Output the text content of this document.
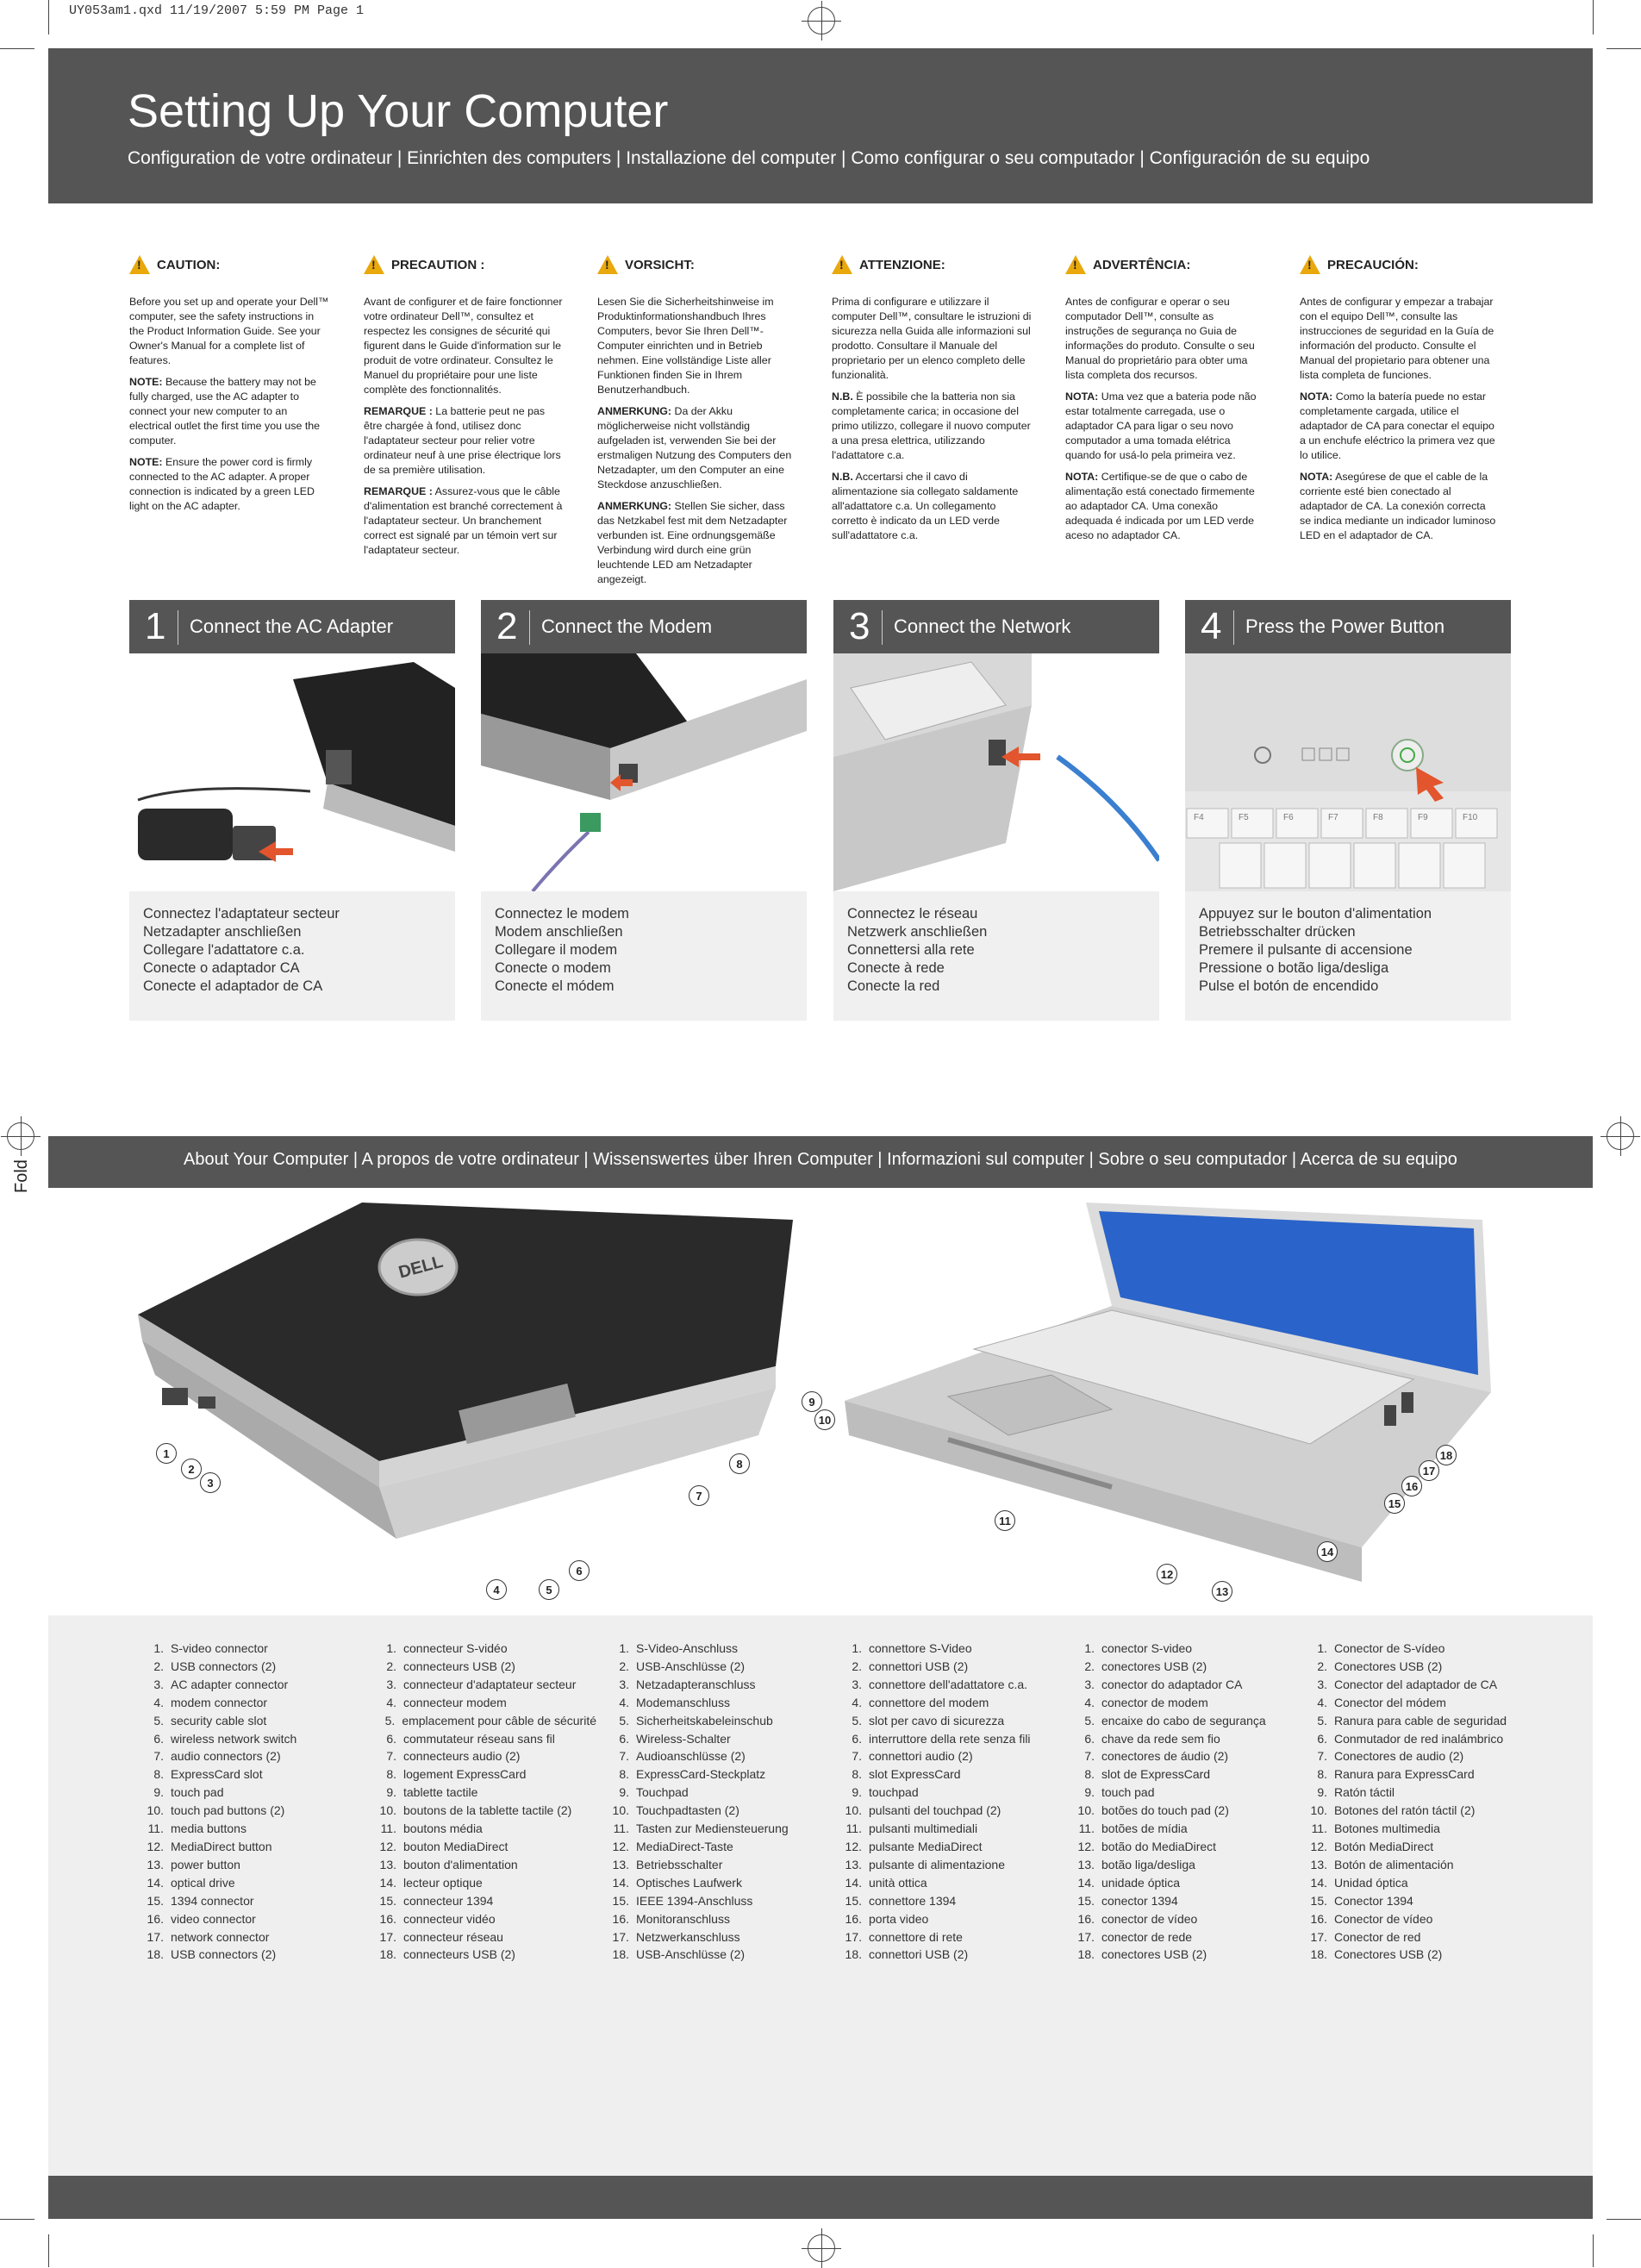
UY053am1.qxd 11/19/2007 5:59 PM Page 1
Setting Up Your Computer
Configuration de votre ordinateur | Einrichten des computers | Installazione del computer | Como configurar o seu computador | Configuración de su equipo
!
CAUTION:

Before you set up and operate your Dell™ computer, see the safety instructions in the Product Information Guide. See your Owner's Manual for a complete list of features.

NOTE: Because the battery may not be fully charged, use the AC adapter to connect your new computer to an electrical outlet the first time you use the computer.

NOTE: Ensure the power cord is firmly connected to the AC adapter. A proper connection is indicated by a green LED light on the AC adapter.

!
PRECAUTION :

Avant de configurer et de faire fonctionner votre ordinateur Dell™, consultez et respectez les consignes de sécurité qui figurent dans le Guide d'information sur le produit de votre ordinateur. Consultez le Manuel du propriétaire pour une liste complète des fonctionnalités.

REMARQUE : La batterie peut ne pas être chargée à fond, utilisez donc l'adaptateur secteur pour relier votre ordinateur neuf à une prise électrique lors de sa première utilisation.

REMARQUE : Assurez-vous que le câble d'alimentation est branché correctement à l'adaptateur secteur. Un branchement correct est signalé par un témoin vert sur l'adaptateur secteur.

!
VORSICHT:

Lesen Sie die Sicherheitshinweise im Produktinformationshandbuch Ihres Computers, bevor Sie Ihren Dell™-Computer einrichten und in Betrieb nehmen. Eine vollständige Liste aller Funktionen finden Sie in Ihrem Benutzerhandbuch.

ANMERKUNG: Da der Akku möglicherweise nicht vollständig aufgeladen ist, verwenden Sie bei der erstmaligen Nutzung des Computers den Netzadapter, um den Computer an eine Steckdose anzuschließen.

ANMERKUNG: Stellen Sie sicher, dass das Netzkabel fest mit dem Netzadapter verbunden ist. Eine ordnungsgemäße Verbindung wird durch eine grün leuchtende LED am Netzadapter angezeigt.

!
ATTENZIONE:

Prima di configurare e utilizzare il computer Dell™, consultare le istruzioni di sicurezza nella Guida alle informazioni sul prodotto. Consultare il Manuale del proprietario per un elenco completo delle funzionalità.

N.B. È possibile che la batteria non sia completamente carica; in occasione del primo utilizzo, collegare il nuovo computer a una presa elettrica, utilizzando l'adattatore c.a.

N.B. Accertarsi che il cavo di alimentazione sia collegato saldamente all'adattatore c.a. Un collegamento corretto è indicato da un LED verde sull'adattatore c.a.

!
ADVERTÊNCIA:

Antes de configurar e operar o seu computador Dell™, consulte as instruções de segurança no Guia de informações do produto. Consulte o seu Manual do proprietário para obter uma lista completa dos recursos.

NOTA: Uma vez que a bateria pode não estar totalmente carregada, use o adaptador CA para ligar o seu novo computador a uma tomada elétrica quando for usá-lo pela primeira vez.

NOTA: Certifique-se de que o cabo de alimentação está conectado firmemente ao adaptador CA. Uma conexão adequada é indicada por um LED verde aceso no adaptador CA.

!
PRECAUCIÓN:

Antes de configurar y empezar a trabajar con el equipo Dell™, consulte las instrucciones de seguridad en la Guía de información del producto. Consulte el Manual del propietario para obtener una lista completa de funciones.

NOTA: Como la batería puede no estar completamente cargada, utilice el adaptador de CA para conectar el equipo a un enchufe eléctrico la primera vez que lo utilice.

NOTA: Asegúrese de que el cable de la corriente esté bien conectado al adaptador de CA. La conexión correcta se indica mediante un indicador luminoso LED en el adaptador de CA.

1 Connect the AC Adapter
Connectez l'adaptateur secteur
Netzadapter anschließen
Collegare l'adattatore c.a.
Conecte o adaptador CA
Conecte el adaptador de CA
2 Connect the Modem
Connectez le modem
Modem anschließen
Collegare il modem
Conecte o modem
Conecte el módem
3 Connect the Network
Connectez le réseau
Netzwerk anschließen
Connettersi alla rete
Conecte à rede
Conecte la red
4 Press the Power Button
F4	F5	F6	F7	F8	F9	F10
Appuyez sur le bouton d'alimentation
Betriebsschalter drücken
Premere il pulsante di accensione
Pressione o botão liga/desliga
Pulse el botón de encendido
Fold
About Your Computer | A propos de votre ordinateur | Wissenswertes über Ihren Computer | Informazioni sul computer | Sobre o seu computador | Acerca de su equipo
DELL
1
2
3
4	5
6
7
8
9
10
11
12
13
14
15
16
17
18
1. S-video connector
2. USB connectors (2)
3. AC adapter connector
4. modem connector
5. security cable slot
6. wireless network switch
7. audio connectors (2)
8. ExpressCard slot
9. touch pad
10. touch pad buttons (2)
11. media buttons
12. MediaDirect button
13. power button
14. optical drive
15. 1394 connector
16. video connector
17. network connector
18. USB connectors (2)
1. connecteur S-vidéo
2. connecteurs USB (2)
3. connecteur d'adaptateur secteur
4. connecteur modem
5. emplacement pour câble de sécurité
6. commutateur réseau sans fil
7. connecteurs audio (2)
8. logement ExpressCard
9. tablette tactile
10. boutons de la tablette tactile (2)
11. boutons média
12. bouton MediaDirect
13. bouton d'alimentation
14. lecteur optique
15. connecteur 1394
16. connecteur vidéo
17. connecteur réseau
18. connecteurs USB (2)
1. S-Video-Anschluss
2. USB-Anschlüsse (2)
3. Netzadapteranschluss
4. Modemanschluss
5. Sicherheitskabeleinschub
6. Wireless-Schalter
7. Audioanschlüsse (2)
8. ExpressCard-Steckplatz
9. Touchpad
10. Touchpadtasten (2)
11. Tasten zur Mediensteuerung
12. MediaDirect-Taste
13. Betriebsschalter
14. Optisches Laufwerk
15. IEEE 1394-Anschluss
16. Monitoranschluss
17. Netzwerkanschluss
18. USB-Anschlüsse (2)
1. connettore S-Video
2. connettori USB (2)
3. connettore dell'adattatore c.a.
4. connettore del modem
5. slot per cavo di sicurezza
6. interruttore della rete senza fili
7. connettori audio (2)
8. slot ExpressCard
9. touchpad
10. pulsanti del touchpad (2)
11. pulsanti multimediali
12. pulsante MediaDirect
13. pulsante di alimentazione
14. unità ottica
15. connettore 1394
16. porta video
17. connettore di rete
18. connettori USB (2)
1. conector S-video
2. conectores USB (2)
3. conector do adaptador CA
4. conector de modem
5. encaixe do cabo de segurança
6. chave da rede sem fio
7. conectores de áudio (2)
8. slot de ExpressCard
9. touch pad
10. botões do touch pad (2)
11. botões de mídia
12. botão do MediaDirect
13. botão liga/desliga
14. unidade óptica
15. conector 1394
16. conector de vídeo
17. conector de rede
18. conectores USB (2)
1. Conector de S-vídeo
2. Conectores USB (2)
3. Conector del adaptador de CA
4. Conector del módem
5. Ranura para cable de seguridad
6. Conmutador de red inalámbrico
7. Conectores de audio (2)
8. Ranura para ExpressCard
9. Ratón táctil
10. Botones del ratón táctil (2)
11. Botones multimedia
12. Botón MediaDirect
13. Botón de alimentación
14. Unidad óptica
15. Conector 1394
16. Conector de vídeo
17. Conector de red
18. Conectores USB (2)
